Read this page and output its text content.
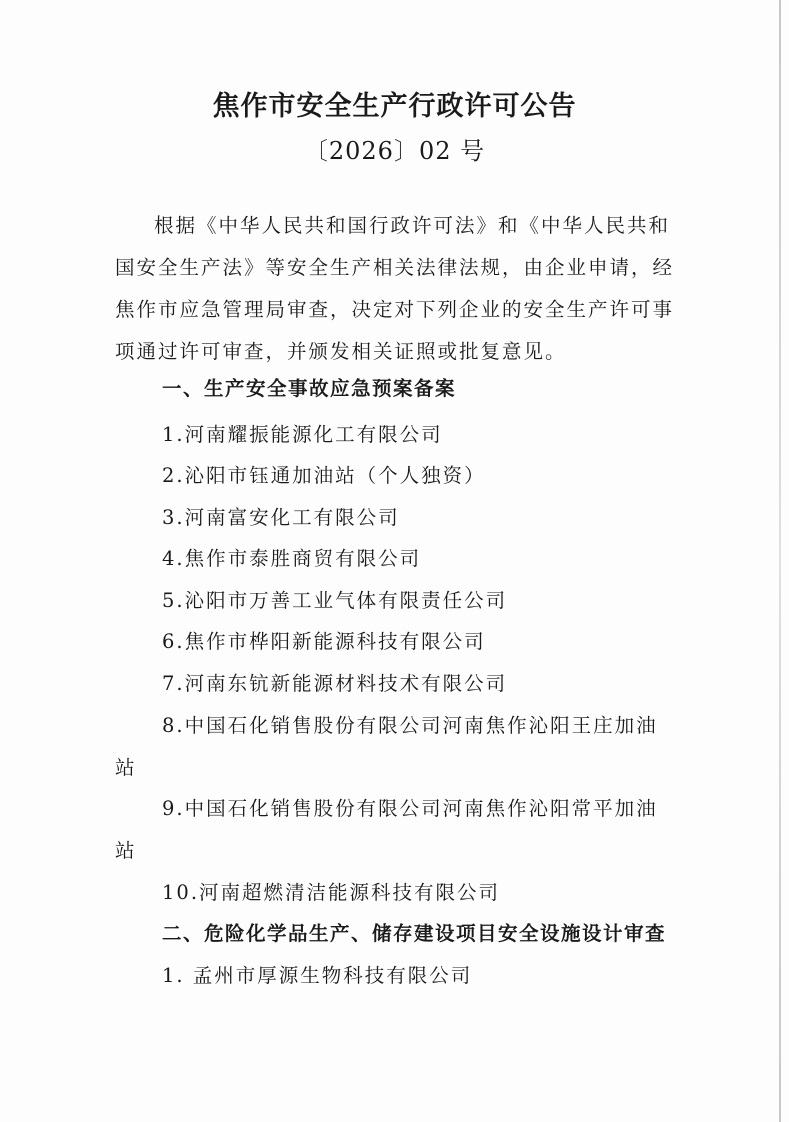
焦作市安全生产行政许可公告
〔2026〕02 号

根据《中华人民共和国行政许可法》和《中华人民共和国安全生产法》等安全生产相关法律法规，由企业申请，经焦作市应急管理局审查，决定对下列企业的安全生产许可事项通过许可审查，并颁发相关证照或批复意见。

一、生产安全事故应急预案备案
1.河南耀振能源化工有限公司
2.沁阳市钰通加油站（个人独资）
3.河南富安化工有限公司
4.焦作市泰胜商贸有限公司
5.沁阳市万善工业气体有限责任公司
6.焦作市桦阳新能源科技有限公司
7.河南东钪新能源材料技术有限公司
8.中国石化销售股份有限公司河南焦作沁阳王庄加油
站
9.中国石化销售股份有限公司河南焦作沁阳常平加油
站
10.河南超燃清洁能源科技有限公司
二、危险化学品生产、储存建设项目安全设施设计审查
1. 孟州市厚源生物科技有限公司
